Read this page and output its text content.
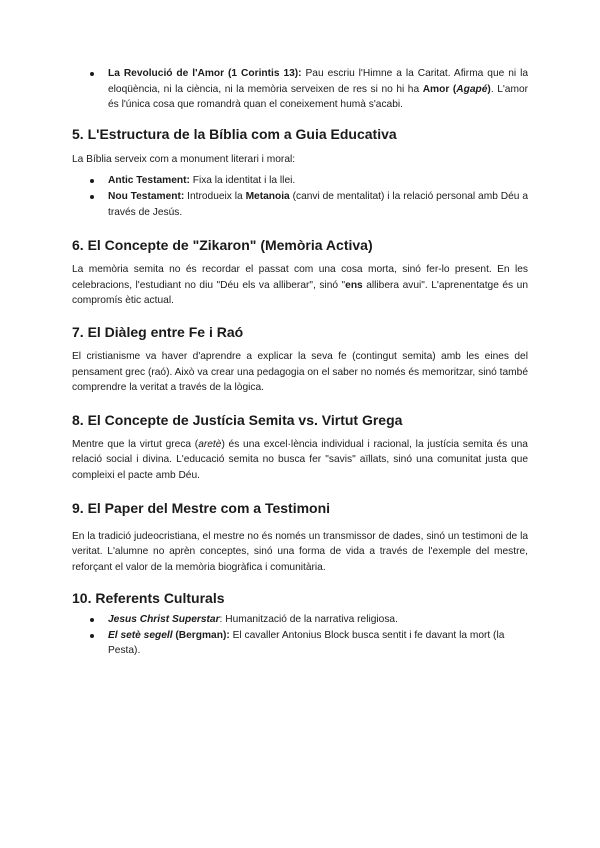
La Revolució de l'Amor (1 Corintis 13): Pau escriu l'Himne a la Caritat. Afirma que ni la eloqüència, ni la ciència, ni la memòria serveixen de res si no hi ha Amor (Agapé). L'amor és l'única cosa que romandrà quan el coneixement humà s'acabi.
5. L'Estructura de la Bíblia com a Guia Educativa

La Bíblia serveix com a monument literari i moral:

Antic Testament: Fixa la identitat i la llei.
Nou Testament: Introdueix la Metanoia (canvi de mentalitat) i la relació personal amb Déu a través de Jesús.
6. El Concepte de "Zikaron" (Memòria Activa)

La memòria semita no és recordar el passat com una cosa morta, sinó fer-lo present. En les celebracions, l'estudiant no diu "Déu els va alliberar", sinó "ens allibera avui". L'aprenentatge és un compromís ètic actual.

7. El Diàleg entre Fe i Raó

El cristianisme va haver d'aprendre a explicar la seva fe (contingut semita) amb les eines del pensament grec (raó). Això va crear una pedagogia on el saber no només és memoritzar, sinó també comprendre la veritat a través de la lògica.

8. El Concepte de Justícia Semita vs. Virtut Grega

Mentre que la virtut greca (aretè) és una excel·lència individual i racional, la justícia semita és una relació social i divina. L'educació semita no busca fer "savis" aïllats, sinó una comunitat justa que compleixi el pacte amb Déu.

9. El Paper del Mestre com a Testimoni

En la tradició judeocristiana, el mestre no és només un transmissor de dades, sinó un testimoni de la veritat. L'alumne no aprèn conceptes, sinó una forma de vida a través de l'exemple del mestre, reforçant el valor de la memòria biogràfica i comunitària.

10. Referents Culturals
Jesus Christ Superstar: Humanització de la narrativa religiosa.
El setè segell (Bergman): El cavaller Antonius Block busca sentit i fe davant la mort (la Pesta).
